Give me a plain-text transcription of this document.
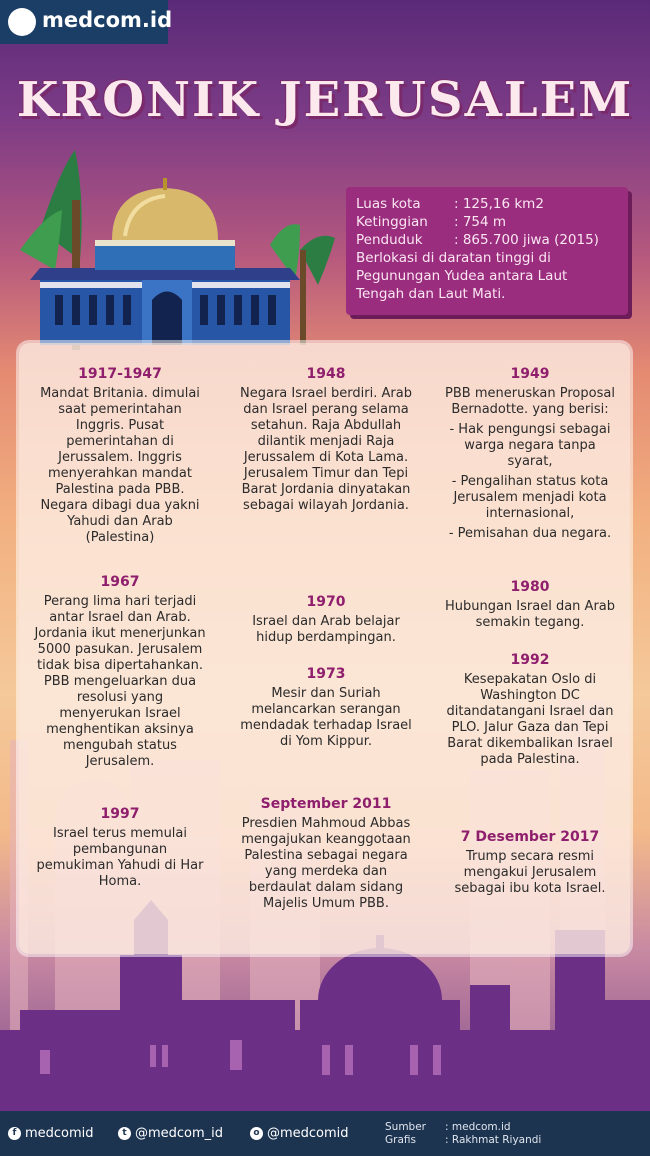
medcom.id
KRONIK JERUSALEM
Luas kota : 125,16 km2
Ketinggian : 754 m
Penduduk : 865.700 jiwa (2015)
Berlokasi di daratan tinggi di Pegunungan Yudea antara Laut Tengah dan Laut Mati.
1917-1947

Mandat Britania. dimulai saat pemerintahan Inggris. Pusat pemerintahan di Jerussalem. Inggris menyerahkan mandat Palestina pada PBB. Negara dibagi dua yakni Yahudi dan Arab (Palestina)

1967

Perang lima hari terjadi antar Israel dan Arab. Jordania ikut menerjunkan 5000 pasukan. Jerusalem tidak bisa dipertahankan. PBB mengeluarkan dua resolusi yang menyerukan Israel menghentikan aksinya mengubah status Jerusalem.

1997

Israel terus memulai pembangunan pemukiman Yahudi di Har Homa.

1948

Negara Israel berdiri. Arab dan Israel perang selama setahun. Raja Abdullah dilantik menjadi Raja Jerussalem di Kota Lama. Jerusalem Timur dan Tepi Barat Jordania dinyatakan sebagai wilayah Jordania.

1970

Israel dan Arab belajar hidup berdampingan.

1973

Mesir dan Suriah melancarkan serangan mendadak terhadap Israel di Yom Kippur.

September 2011

Presdien Mahmoud Abbas mengajukan keanggotaan Palestina sebagai negara yang merdeka dan berdaulat dalam sidang Majelis Umum PBB.

1949

PBB meneruskan Proposal Bernadotte. yang berisi:

- Hak pengungsi sebagai warga negara tanpa syarat,

- Pengalihan status kota Jerusalem menjadi kota internasional,

- Pemisahan dua negara.

1980

Hubungan Israel dan Arab semakin tegang.

1992

Kesepakatan Oslo di Washington DC ditandatangani Israel dan PLO. Jalur Gaza dan Tepi Barat dikembalikan Israel pada Palestina.

7 Desember 2017

Trump secara resmi mengakui Jerusalem sebagai ibu kota Israel.

f medcomid	t @medcom_id	o @medcomid	Sumber : medcom.id
Grafis	: Rakhmat Riyandi
